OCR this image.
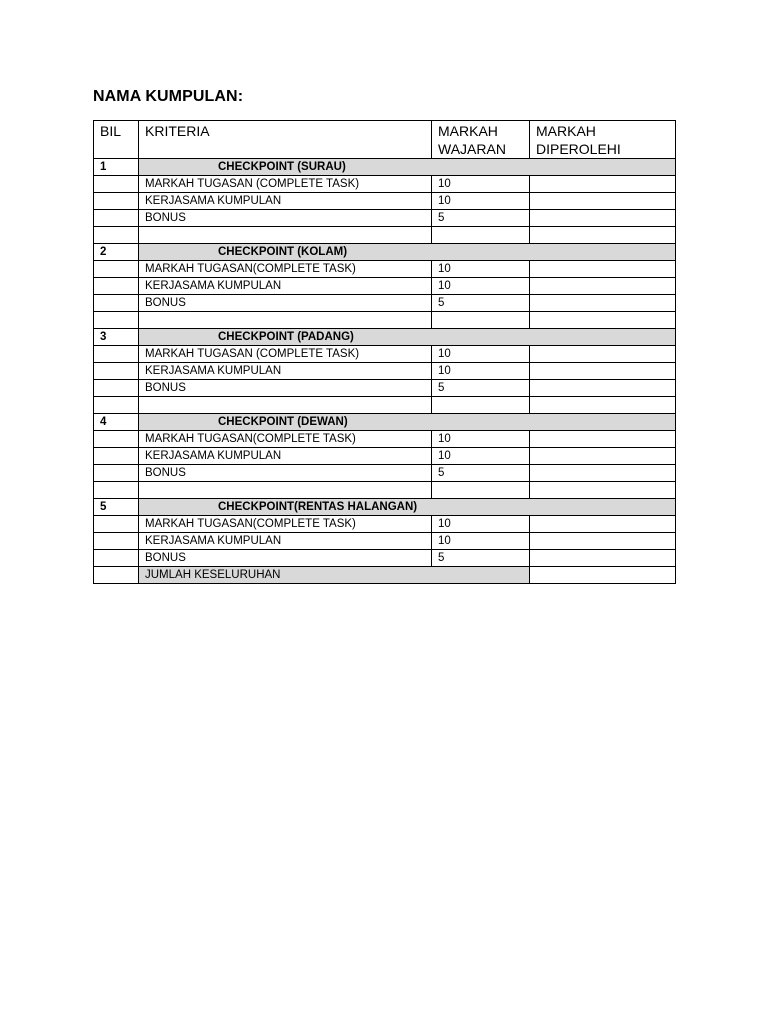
NAMA KUMPULAN:
BIL	KRITERIA	MARKAH WAJARAN	MARKAH DIPEROLEHI
1	CHECKPOINT (SURAU)		
	MARKAH TUGASAN (COMPLETE TASK)	10	
	KERJASAMA KUMPULAN	10	
	BONUS	5	

2	CHECKPOINT (KOLAM)		
	MARKAH TUGASAN(COMPLETE TASK)	10	
	KERJASAMA KUMPULAN	10	
	BONUS	5	

3	CHECKPOINT (PADANG)		
	MARKAH TUGASAN (COMPLETE TASK)	10	
	KERJASAMA KUMPULAN	10	
	BONUS	5	

4	CHECKPOINT (DEWAN)		
	MARKAH TUGASAN(COMPLETE TASK)	10	
	KERJASAMA KUMPULAN	10	
	BONUS	5	

5	CHECKPOINT(RENTAS HALANGAN)		
	MARKAH TUGASAN(COMPLETE TASK)	10	
	KERJASAMA KUMPULAN	10	
	BONUS	5	
	JUMLAH KESELURUHAN		
